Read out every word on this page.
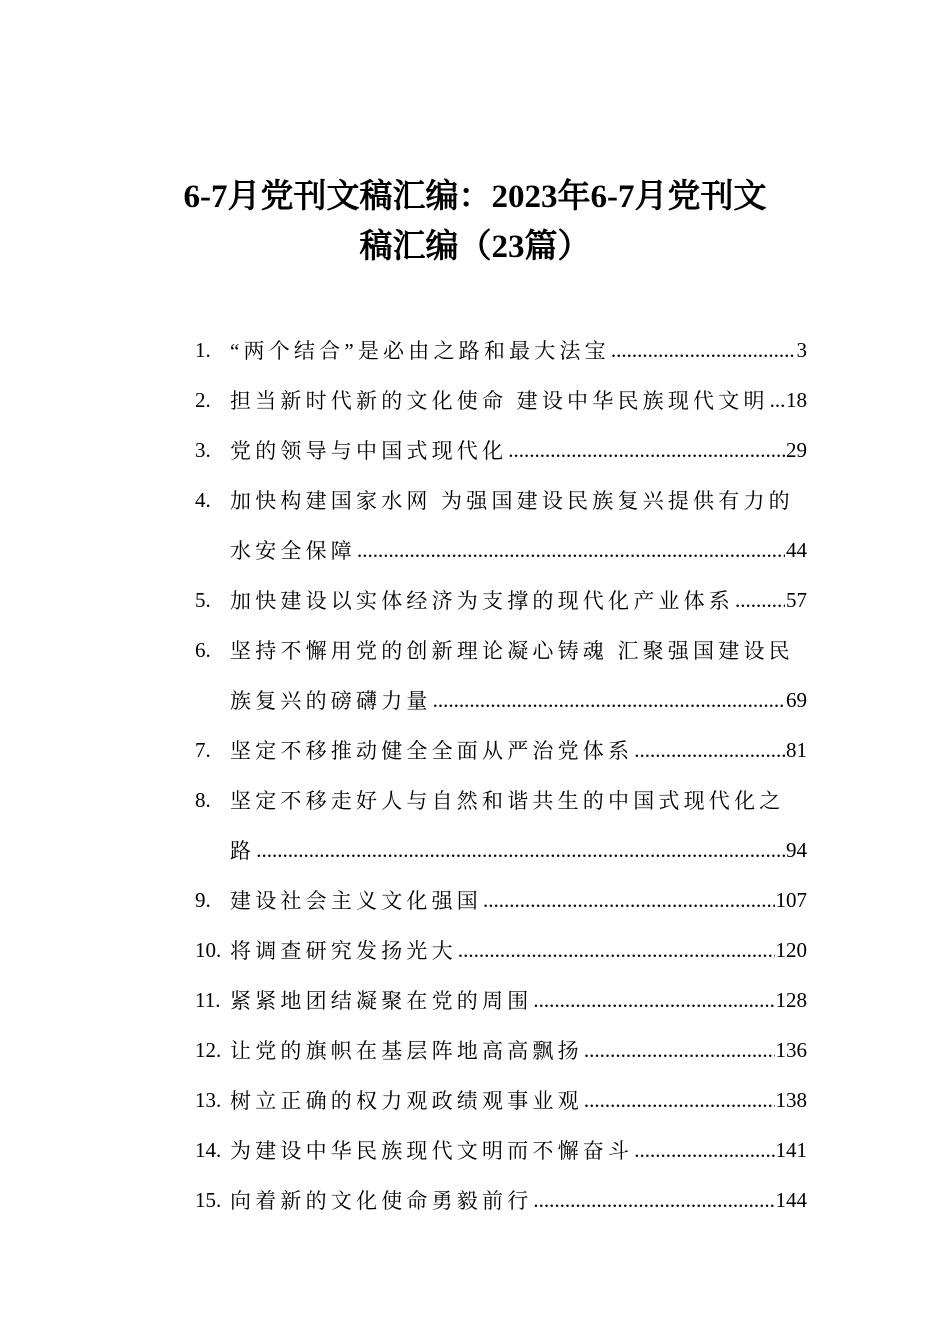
6-7月党刊文稿汇编：2023年6-7月党刊文
稿汇编（23篇）
1. “两个结合”是必由之路和最大法宝 .....	3
2. 担当新时代新的文化使命 建设中华民族现代文明 ..... 18
3. 党的领导与中国式现代化 .....	29
4. 加快构建国家水网 为强国建设民族复兴提供有力的
水安全保障 .....	44
5. 加快建设以实体经济为支撑的现代化产业体系 ..... 57
6. 坚持不懈用党的创新理论凝心铸魂 汇聚强国建设民
族复兴的磅礴力量 .....	69
7. 坚定不移推动健全全面从严治党体系 .....	81
8. 坚定不移走好人与自然和谐共生的中国式现代化之
路 .....	94
9. 建设社会主义文化强国 .....	107
10. 将调查研究发扬光大 .....	120
11. 紧紧地团结凝聚在党的周围 .....	128
12. 让党的旗帜在基层阵地高高飘扬 .....	136
13. 树立正确的权力观政绩观事业观 .....	138
14. 为建设中华民族现代文明而不懈奋斗 .....	141
15. 向着新的文化使命勇毅前行 .....	144
